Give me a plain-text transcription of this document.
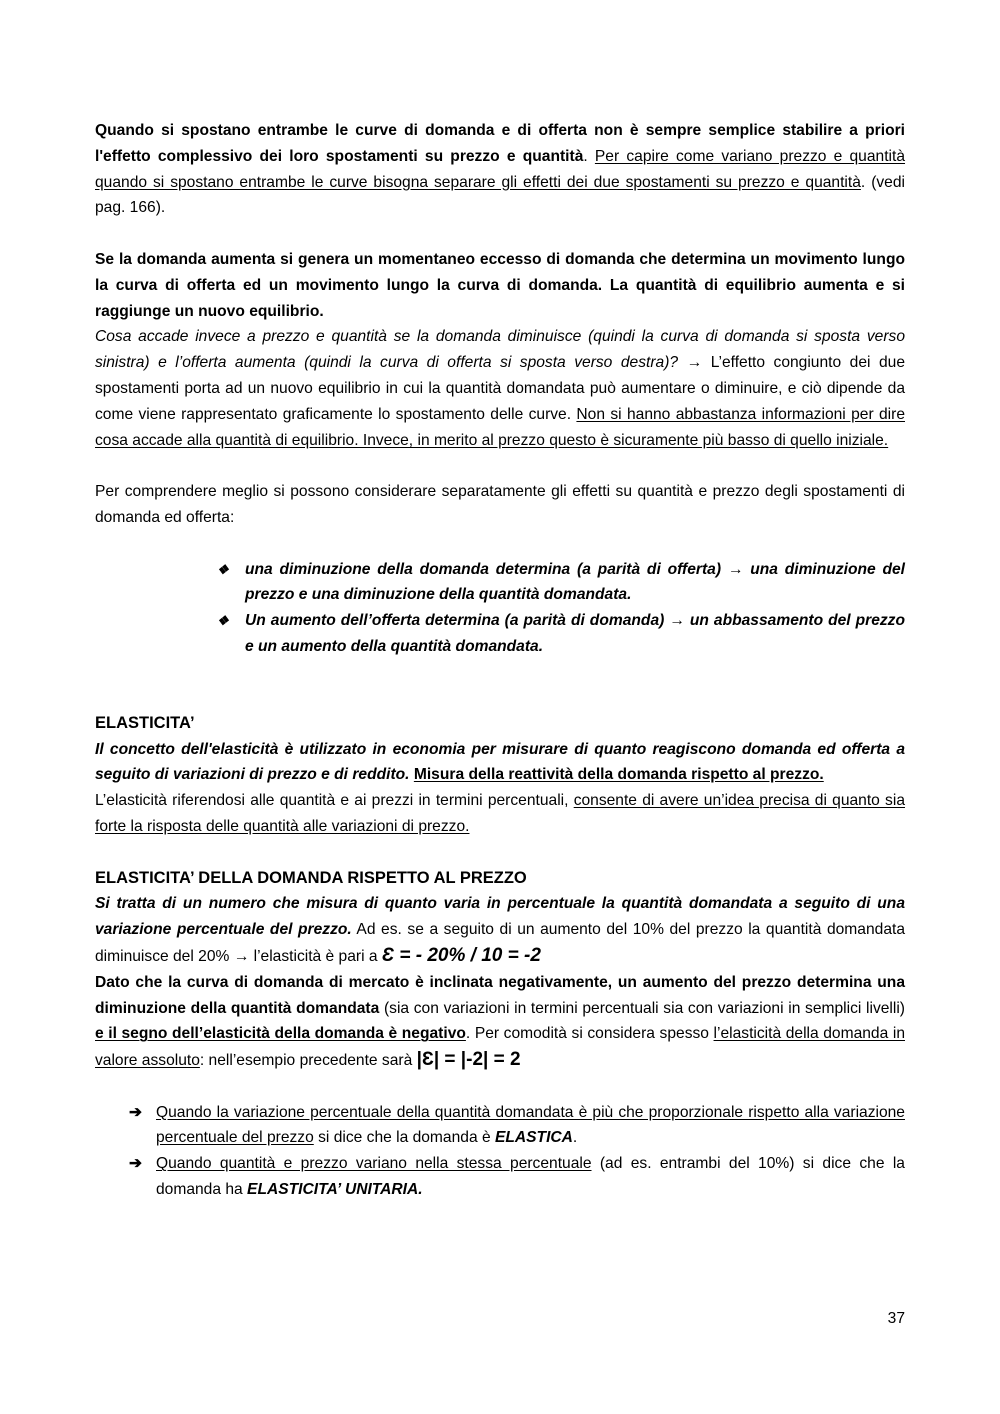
Quando si spostano entrambe le curve di domanda e di offerta non è sempre semplice stabilire a priori l'effetto complessivo dei loro spostamenti su prezzo e quantità. Per capire come variano prezzo e quantità quando si spostano entrambe le curve bisogna separare gli effetti dei due spostamenti su prezzo e quantità. (vedi pag. 166).

Se la domanda aumenta si genera un momentaneo eccesso di domanda che determina un movimento lungo la curva di offerta ed un movimento lungo la curva di domanda. La quantità di equilibrio aumenta e si raggiunge un nuovo equilibrio.

Cosa accade invece a prezzo e quantità se la domanda diminuisce (quindi la curva di domanda si sposta verso sinistra) e l’offerta aumenta (quindi la curva di offerta si sposta verso destra)? → L’effetto congiunto dei due spostamenti porta ad un nuovo equilibrio in cui la quantità domandata può aumentare o diminuire, e ciò dipende da come viene rappresentato graficamente lo spostamento delle curve. Non si hanno abbastanza informazioni per dire cosa accade alla quantità di equilibrio. Invece, in merito al prezzo questo è sicuramente più basso di quello iniziale.

Per comprendere meglio si possono considerare separatamente gli effetti su quantità e prezzo degli spostamenti di domanda ed offerta:

❖ una diminuzione della domanda determina (a parità di offerta) → una diminuzione del prezzo e una diminuzione della quantità domandata.
❖ Un aumento dell’offerta determina (a parità di domanda) → un abbassamento del prezzo e un aumento della quantità domandata.

ELASTICITA’

Il concetto dell'elasticità è utilizzato in economia per misurare di quanto reagiscono domanda ed offerta a seguito di variazioni di prezzo e di reddito. Misura della reattività della domanda rispetto al prezzo.

L’elasticità riferendosi alle quantità e ai prezzi in termini percentuali, consente di avere un’idea precisa di quanto sia forte la risposta delle quantità alle variazioni di prezzo.

ELASTICITA’ DELLA DOMANDA RISPETTO AL PREZZO

Si tratta di un numero che misura di quanto varia in percentuale la quantità domandata a seguito di una variazione percentuale del prezzo. Ad es. se a seguito di un aumento del 10% del prezzo la quantità domandata diminuisce del 20% → l’elasticità è pari a Ɛ = - 20% / 10 = -2

Dato che la curva di domanda di mercato è inclinata negativamente, un aumento del prezzo determina una diminuzione della quantità domandata (sia con variazioni in termini percentuali sia con variazioni in semplici livelli) e il segno dell’elasticità della domanda è negativo. Per comodità si considera spesso l’elasticità della domanda in valore assoluto: nell’esempio precedente sarà |Ɛ| = |-2| = 2

➔ Quando la variazione percentuale della quantità domandata è più che proporzionale rispetto alla variazione percentuale del prezzo si dice che la domanda è ELASTICA.
➔ Quando quantità e prezzo variano nella stessa percentuale (ad es. entrambi del 10%) si dice che la domanda ha ELASTICITA’ UNITARIA.
37
